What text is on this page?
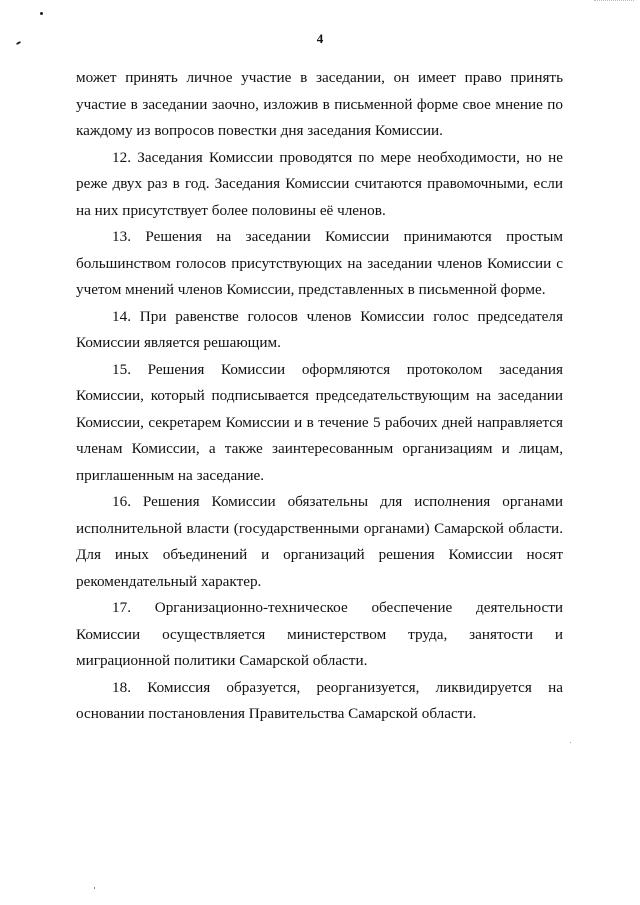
4

может принять личное участие в заседании, он имеет право принять участие в заседании заочно, изложив в письменной форме свое мнение по каждому из вопросов повестки дня заседания Комиссии.

12. Заседания Комиссии проводятся по мере необходимости, но не реже двух раз в год. Заседания Комиссии считаются правомочными, если на них присутствует более половины её членов.

13. Решения на заседании Комиссии принимаются простым большинством голосов присутствующих на заседании членов Комиссии с учетом мнений членов Комиссии, представленных в письменной форме.

14. При равенстве голосов членов Комиссии голос председателя Комиссии является решающим.

15. Решения Комиссии оформляются протоколом заседания Комиссии, который подписывается председательствующим на заседании Комиссии, секретарем Комиссии и в течение 5 рабочих дней направляется членам Комиссии, а также заинтересованным организациям и лицам, приглашенным на заседание.

16. Решения Комиссии обязательны для исполнения органами исполнительной власти (государственными органами) Самарской области. Для иных объединений и организаций решения Комиссии носят рекомендательный характер.

17. Организационно-техническое обеспечение деятельности Комиссии осуществляется министерством труда, занятости и миграционной политики Самарской области.

18. Комиссия образуется, реорганизуется, ликвидируется на основании постановления Правительства Самарской области.
